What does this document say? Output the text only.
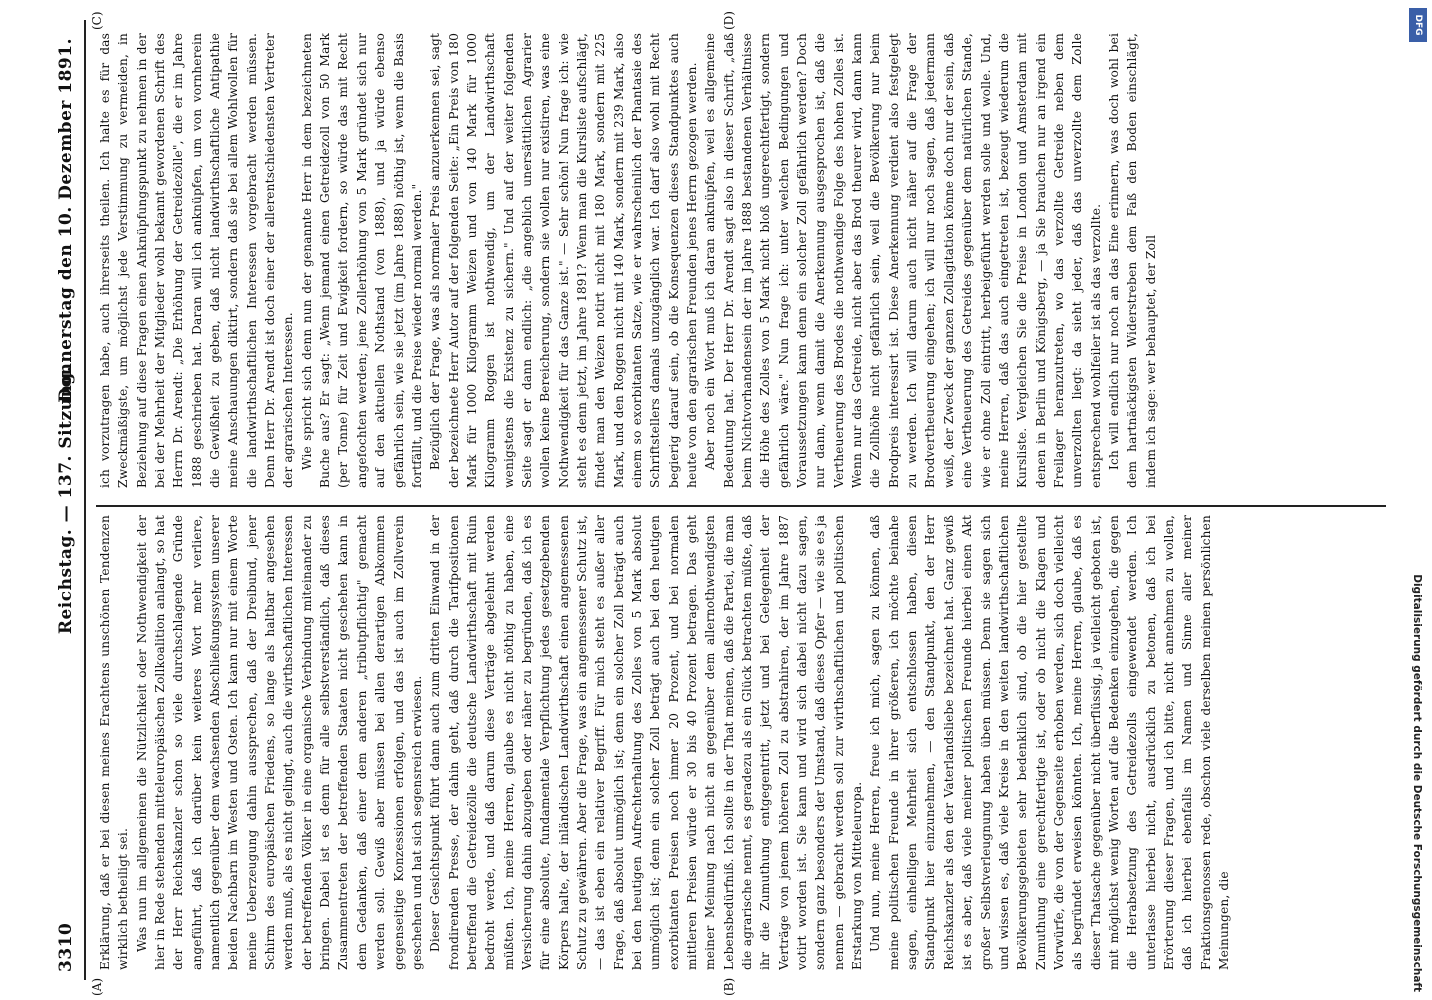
3310
Reichstag. — 137. Sitzung.
Donnerstag den 10. Dezember 1891.
(A)	(B)
(C)	(D)

Erklärung, daß er bei diesen meines Erachtens unschönen Tendenzen wirklich betheiligt sei. Was nun im allgemeinen die Nützlichkeit oder Nothwendigkeit der hier in Rede stehenden mitteleuropäischen Zollkoalition anlangt, so hat der Herr Reichskanzler schon so viele durchschlagende Gründe angeführt, daß ich darüber kein weiteres Wort mehr verliere, namentlich gegenüber dem wachsenden Abschließungssystem unserer beiden Nachbarn im Westen und Osten. Ich kann nur mit einem Worte meine Ueberzeugung dahin aussprechen, daß der Dreibund, jener Schirm des europäischen Friedens, so lange als haltbar angesehen werden muß, als es nicht gelingt, auch die wirthschaftlichen Interessen der betreffenden Völker in eine organische Verbindung miteinander zu bringen. Dabei ist es denn für alle selbstverständlich, daß dieses Zusammentreten der betreffenden Staaten nicht geschehen kann in dem Gedanken, daß einer dem anderen „tributpflichtig" gemacht werden soll. Gewiß aber müssen bei allen derartigen Abkommen gegenseitige Konzessionen erfolgen, und das ist auch im Zollverein geschehen und hat sich segensreich erwiesen. Dieser Gesichtspunkt führt dann auch zum dritten Einwand in der frondirenden Presse, der dahin geht, daß durch die Tarifpositionen betreffend die Getreidezölle die deutsche Landwirthschaft mit Ruin bedroht werde, und daß darum diese Verträge abgelehnt werden müßten. Ich, meine Herren, glaube es nicht nöthig zu haben, eine Versicherung dahin abzugeben oder näher zu begründen, daß ich es für eine absolute, fundamentale Verpflichtung jedes gesetzgebenden Körpers halte, der inländischen Landwirthschaft einen angemessenen Schutz zu gewähren. Aber die Frage, was ein angemessener Schutz ist, — das ist eben ein relativer Begriff. Für mich steht es außer aller Frage, daß absolut unmöglich ist; denn ein solcher Zoll beträgt auch bei den heutigen Aufrechterhaltung des Zolles von 5 Mark absolut unmöglich ist; denn ein solcher Zoll beträgt auch bei den heutigen exorbitanten Preisen noch immer 20 Prozent, und bei normalen mittleren Preisen würde er 30 bis 40 Prozent betragen. Das geht meiner Meinung nach nicht an gegenüber dem allernothwendigsten Lebensbedürfniß. Ich sollte in der That meinen, daß die Partei, die man die agrarische nennt, es geradezu als ein Glück betrachten müßte, daß ihr die Zumuthung entgegentritt, jetzt und bei Gelegenheit der Verträge von jenem höheren Zoll zu abstrahiren, der im Jahre 1887 votirt worden ist. Sie kann und wird sich dabei nicht dazu sagen, sondern ganz besonders der Umstand, daß dieses Opfer — wie sie es ja nennen — gebracht werden soll zur wirthschaftlichen und politischen Erstarkung von Mitteleuropa. Und nun, meine Herren, freue ich mich, sagen zu können, daß meine politischen Freunde in ihrer größeren, ich möchte beinahe sagen, einhelligen Mehrheit sich entschlossen haben, diesen Standpunkt hier einzunehmen, — den Standpunkt, den der Herr Reichskanzler als den der Vaterlandsliebe bezeichnet hat. Ganz gewiß ist es aber, daß viele meiner politischen Freunde hierbei einen Akt großer Selbstverleugnung haben üben müssen. Denn sie sagen sich und wissen es, daß viele Kreise in den weiten landwirthschaftlichen Bevölkerungsgebieten sehr bedenklich sind, ob die hier gestellte Zumuthung eine gerechtfertigte ist, oder ob nicht die Klagen und Vorwürfe, die von der Gegenseite erhoben werden, sich doch vielleicht als begründet erweisen könnten. Ich, meine Herren, glaube, daß es dieser Thatsache gegenüber nicht überflüssig, ja vielleicht geboten ist, mit möglichst wenig Worten auf die Bedenken einzugehen, die gegen die Herabsetzung des Getreidezolls eingewendet werden. Ich unterlasse hierbei nicht, ausdrücklich zu betonen, daß ich bei Erörterung dieser Fragen, und ich bitte, nicht annehmen zu wollen, daß ich hierbei ebenfalls im Namen und Sinne aller meiner Fraktionsgenossen rede, obschon viele derselben meinen persönlichen Meinungen, die

ich vorzutragen habe, auch ihrerseits theilen. Ich halte es für das Zweckmäßigste, um möglichst jede Verstimmung zu vermeiden, in Beziehung auf diese Fragen einen Anknüpfungspunkt zu nehmen in der bei der Mehrheit der Mitglieder wohl bekannt gewordenen Schrift des Herrn Dr. Arendt: „Die Erhöhung der Getreidezölle", die er im Jahre 1888 geschrieben hat. Daran will ich anknüpfen, um von vornherein die Gewißheit zu geben, daß nicht landwirthschaftliche Antipathie meine Anschauungen diktirt, sondern daß sie bei allem Wohlwollen für die landwirthschaftlichen Interessen vorgebracht werden müssen. Denn Herr Dr. Arendt ist doch einer der allerentschiedensten Vertreter der agrarischen Interessen. Wie spricht sich denn nun der genannte Herr in dem bezeichneten Buche aus? Er sagt: „Wenn jemand einen Getreidezoll von 50 Mark (per Tonne) für Zeit und Ewigkeit fordern, so würde das mit Recht angefochten werden; jene Zollerhöhung von 5 Mark gründet sich nur auf den aktuellen Nothstand (von 1888), und ja würde ebenso gefährlich sein, wie sie jetzt (im Jahre 1888) nöthig ist, wenn die Basis fortfällt, und die Preise wieder normal werden." Bezüglich der Frage, was als normaler Preis anzuerkennen sei, sagt der bezeichnete Herr Autor auf der folgenden Seite: „Ein Preis von 180 Mark für 1000 Kilogramm Weizen und von 140 Mark für 1000 Kilogramm Roggen ist nothwendig, um der Landwirthschaft wenigstens die Existenz zu sichern." Und auf der weiter folgenden Seite sagt er dann endlich: „die angeblich unersättlichen Agrarier wollen keine Bereicherung, sondern sie wollen nur existiren, was eine Nothwendigkeit für das Ganze ist." — Sehr schön! Nun frage ich: wie steht es denn jetzt, im Jahre 1891? Wenn man die Kursliste aufschlägt, findet man den Weizen notirt nicht mit 180 Mark, sondern mit 225 Mark, und den Roggen nicht mit 140 Mark, sondern mit 239 Mark, also einem so exorbitanten Satze, wie er wahrscheinlich der Phantasie des Schriftstellers damals unzugänglich war. Ich darf also wohl mit Recht begierig darauf sein, ob die Konsequenzen dieses Standpunktes auch heute von den agrarischen Freunden jenes Herrn gezogen werden. Aber noch ein Wort muß ich daran anknüpfen, weil es allgemeine Bedeutung hat. Der Herr Dr. Arendt sagt also in dieser Schrift, „daß beim Nichtvorhandensein der im Jahre 1888 bestandenen Verhältnisse die Höhe des Zolles von 5 Mark nicht bloß ungerechtfertigt, sondern gefährlich wäre." Nun frage ich: unter welchen Bedingungen und Voraussetzungen kann denn ein solcher Zoll gefährlich werden? Doch nur dann, wenn damit die Anerkennung ausgesprochen ist, daß die Vertheuerung des Brodes die nothwendige Folge des hohen Zolles ist. Wenn nur das Getreide, nicht aber das Brod theurer wird, dann kann die Zollhöhe nicht gefährlich sein, weil die Bevölkerung nur beim Brodpreis interessirt ist. Diese Anerkennung verdient also festgelegt zu werden. Ich will darum auch nicht näher auf die Frage der Brodvertheuerung eingehen; ich will nur noch sagen, daß jedermann weiß, der Zweck der ganzen Zollagitation könne doch nur der sein, daß eine Vertheuerung des Getreides gegenüber dem natürlichen Stande, wie er ohne Zoll eintritt, herbeigeführt werden solle und wolle. Und, meine Herren, daß das auch eingetreten ist, bezeugt wiederum die Kursliste. Vergleichen Sie die Preise in London und Amsterdam mit denen in Berlin und Königsberg, — ja Sie brauchen nur an irgend ein Freilager heranzutreten, wo das verzollte Getreide neben dem unverzollten liegt: da sieht jeder, daß das unverzollte dem Zolle entsprechend wohlfeiler ist als das verzollte. Ich will endlich nur noch an das Eine erinnern, was doch wohl bei dem hartnäckigsten Widerstreben dem Faß den Boden einschlägt, indem ich sage: wer behauptet, der Zoll

DFG
Digitalisierung gefördert durch die Deutsche Forschungsgemeinschaft
